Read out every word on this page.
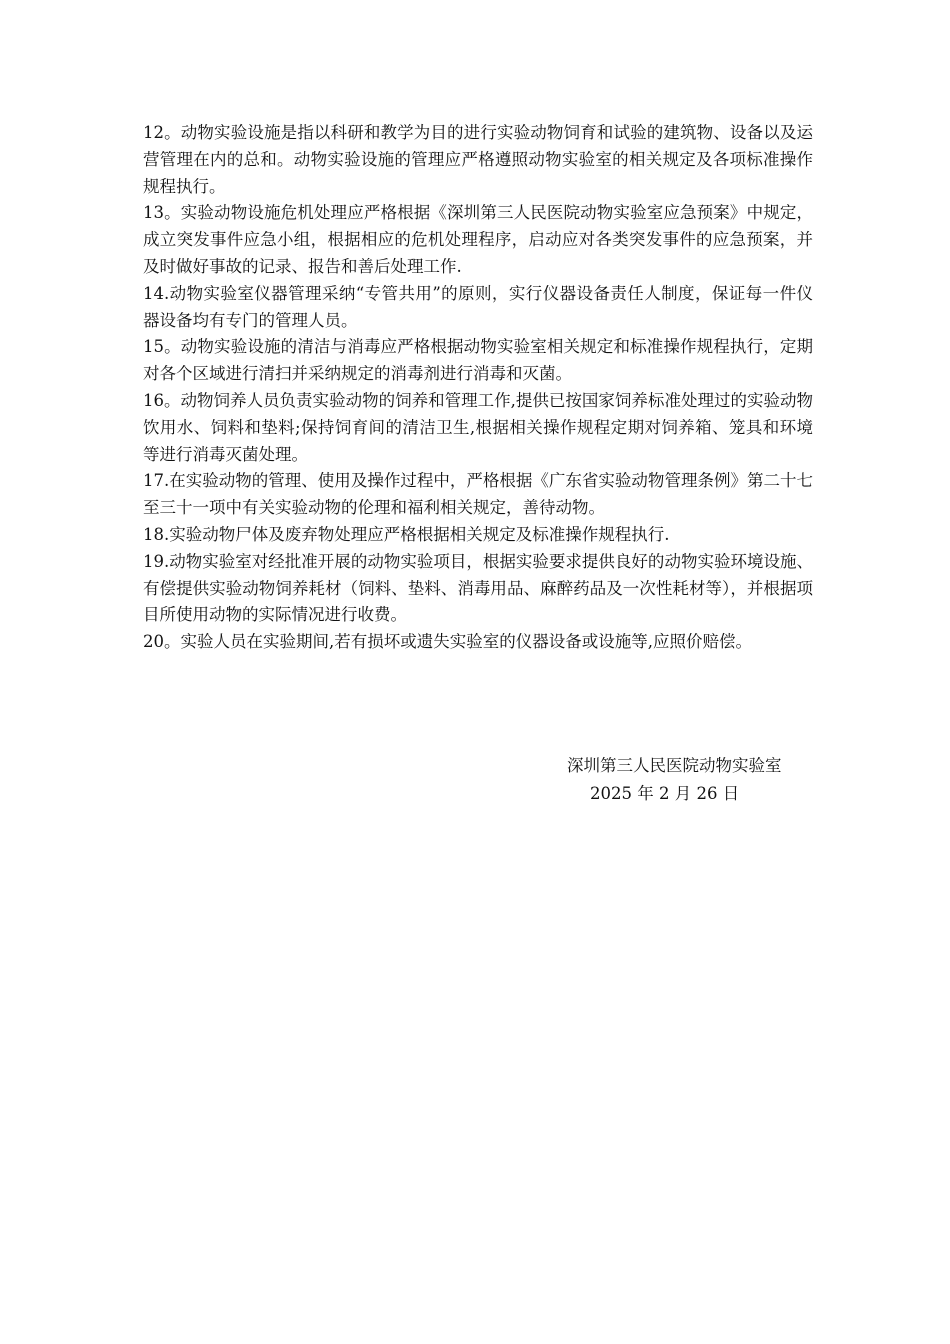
12。动物实验设施是指以科研和教学为目的进行实验动物饲育和试验的建筑物、设备以及运营管理在内的总和。动物实验设施的管理应严格遵照动物实验室的相关规定及各项标准操作规程执行。

13。实验动物设施危机处理应严格根据《深圳第三人民医院动物实验室应急预案》中规定，成立突发事件应急小组，根据相应的危机处理程序，启动应对各类突发事件的应急预案，并及时做好事故的记录、报告和善后处理工作.

14.动物实验室仪器管理采纳“专管共用”的原则，实行仪器设备责任人制度，保证每一件仪器设备均有专门的管理人员。

15。动物实验设施的清洁与消毒应严格根据动物实验室相关规定和标准操作规程执行，定期对各个区域进行清扫并采纳规定的消毒剂进行消毒和灭菌。

16。动物饲养人员负责实验动物的饲养和管理工作,提供已按国家饲养标准处理过的实验动物饮用水、饲料和垫料;保持饲育间的清洁卫生,根据相关操作规程定期对饲养箱、笼具和环境等进行消毒灭菌处理。

17.在实验动物的管理、使用及操作过程中，严格根据《广东省实验动物管理条例》第二十七至三十一项中有关实验动物的伦理和福利相关规定，善待动物。

18.实验动物尸体及废弃物处理应严格根据相关规定及标准操作规程执行.

19.动物实验室对经批准开展的动物实验项目，根据实验要求提供良好的动物实验环境设施、有偿提供实验动物饲养耗材（饲料、垫料、消毒用品、麻醉药品及一次性耗材等），并根据项目所使用动物的实际情况进行收费。

20。实验人员在实验期间,若有损坏或遗失实验室的仪器设备或设施等,应照价赔偿。

深圳第三人民医院动物实验室
2025 年 2 月 26 日
